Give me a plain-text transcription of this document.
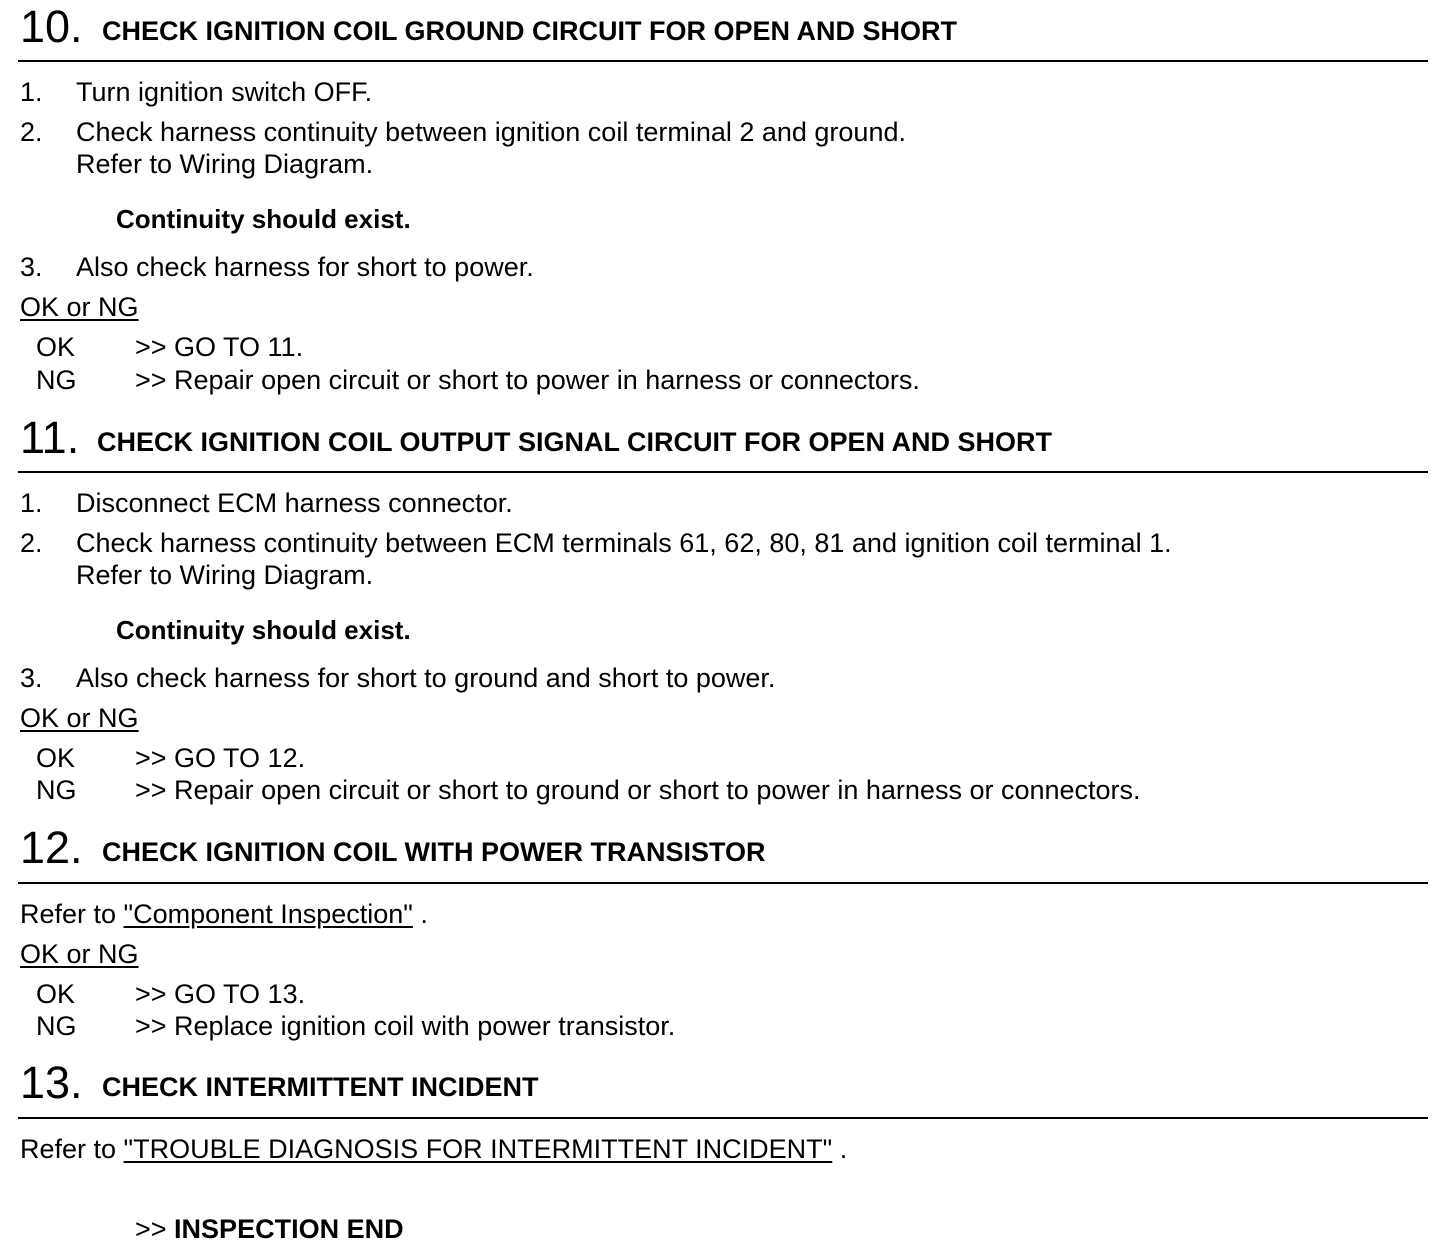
10. CHECK IGNITION COIL GROUND CIRCUIT FOR OPEN AND SHORT
1. Turn ignition switch OFF.
2. Check harness continuity between ignition coil terminal 2 and ground.
Refer to Wiring Diagram.
Continuity should exist.
3. Also check harness for short to power.
OK or NG
OK >> GO TO 11.
NG >> Repair open circuit or short to power in harness or connectors.
11. CHECK IGNITION COIL OUTPUT SIGNAL CIRCUIT FOR OPEN AND SHORT
1. Disconnect ECM harness connector.
2. Check harness continuity between ECM terminals 61, 62, 80, 81 and ignition coil terminal 1.
Refer to Wiring Diagram.
Continuity should exist.
3. Also check harness for short to ground and short to power.
OK or NG
OK >> GO TO 12.
NG >> Repair open circuit or short to ground or short to power in harness or connectors.
12. CHECK IGNITION COIL WITH POWER TRANSISTOR
Refer to "Component Inspection" .
OK or NG
OK >> GO TO 13.
NG >> Replace ignition coil with power transistor.
13. CHECK INTERMITTENT INCIDENT
Refer to "TROUBLE DIAGNOSIS FOR INTERMITTENT INCIDENT" .
>> INSPECTION END
